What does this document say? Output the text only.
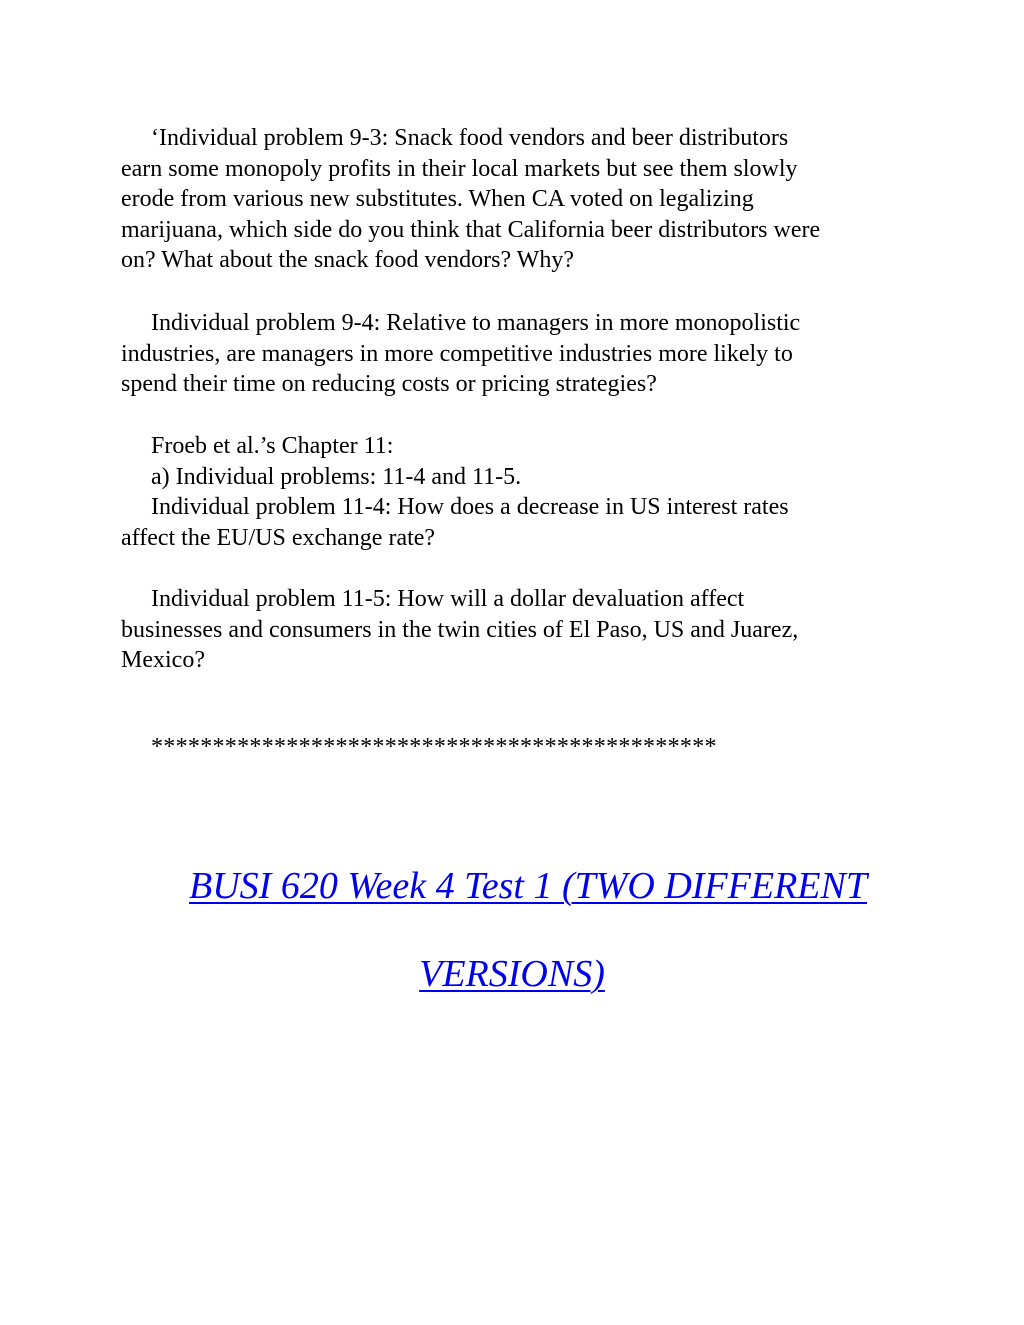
‘Individual problem 9-3: Snack food vendors and beer distributors
earn some monopoly profits in their local markets but see them slowly
erode from various new substitutes. When CA voted on legalizing
marijuana, which side do you think that California beer distributors were
on? What about the snack food vendors? Why?

Individual problem 9-4: Relative to managers in more monopolistic
industries, are managers in more competitive industries more likely to
spend their time on reducing costs or pricing strategies?

Froeb et al.’s Chapter 11:
a) Individual problems: 11-4 and 11-5.
Individual problem 11-4: How does a decrease in US interest rates
affect the EU/US exchange rate?

Individual problem 11-5: How will a dollar devaluation affect
businesses and consumers in the twin cities of El Paso, US and Juarez,
Mexico?

**********************************************
BUSI 620 Week 4 Test 1 (TWO DIFFERENT
VERSIONS)
